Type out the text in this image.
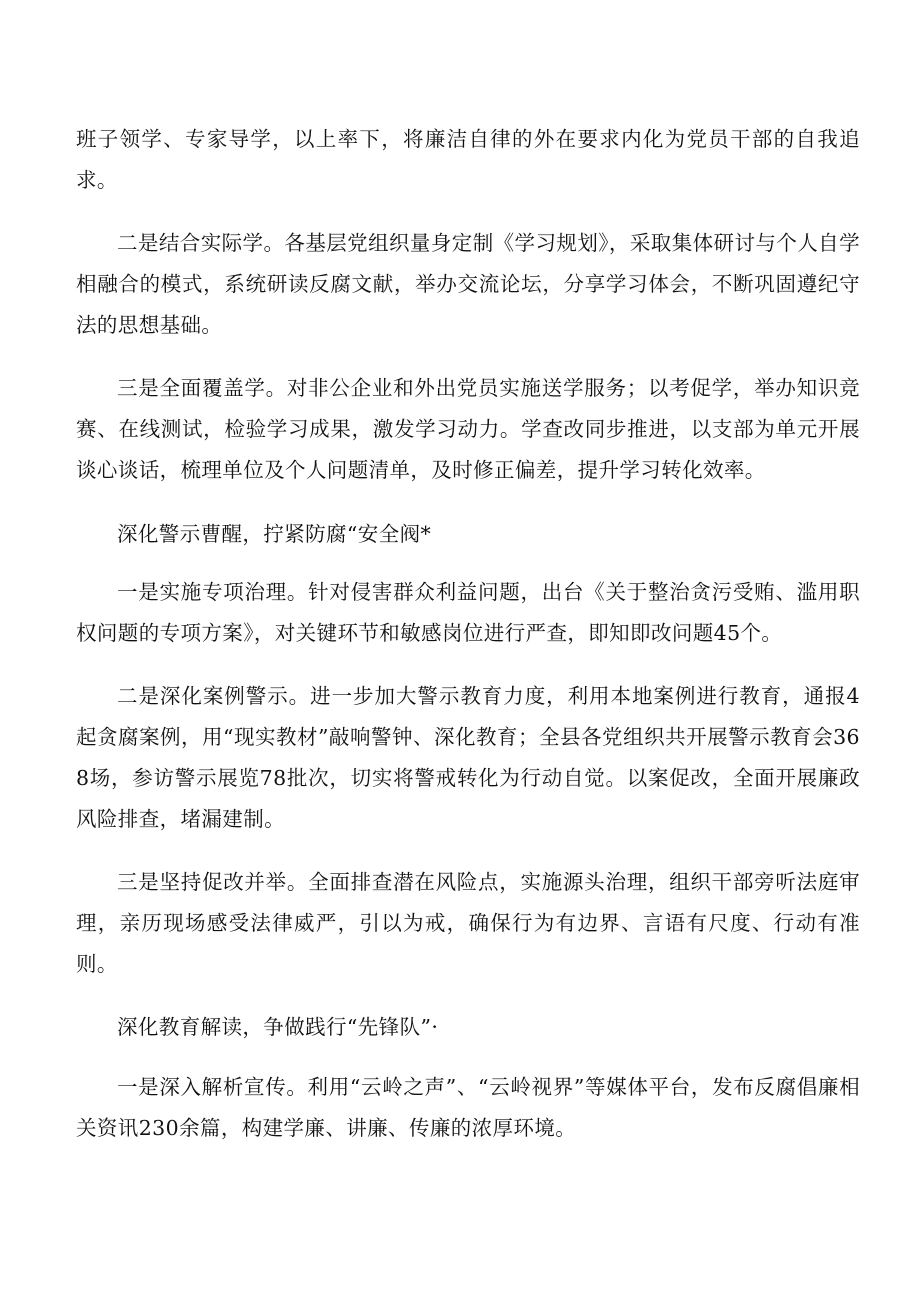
班子领学、专家导学，以上率下，将廉洁自律的外在要求内化为党员干部的自我追求。

二是结合实际学。各基层党组织量身定制《学习规划》，采取集体研讨与个人自学相融合的模式，系统研读反腐文献，举办交流论坛，分享学习体会，不断巩固遵纪守法的思想基础。

三是全面覆盖学。对非公企业和外出党员实施送学服务；以考促学，举办知识竞赛、在线测试，检验学习成果，激发学习动力。学查改同步推进，以支部为单元开展谈心谈话，梳理单位及个人问题清单，及时修正偏差，提升学习转化效率。

深化警示曹醒，拧紧防腐“安全阀*

一是实施专项治理。针对侵害群众利益问题，出台《关于整治贪污受贿、滥用职权问题的专项方案》，对关键环节和敏感岗位进行严查，即知即改问题45个。

二是深化案例警示。进一步加大警示教育力度，利用本地案例进行教育，通报4起贪腐案例，用“现实教材”敲响警钟、深化教育；全县各党组织共开展警示教育会368场，参访警示展览78批次，切实将警戒转化为行动自觉。以案促改，全面开展廉政风险排查，堵漏建制。

三是坚持促改并举。全面排查潜在风险点，实施源头治理，组织干部旁听法庭审理，亲历现场感受法律威严，引以为戒，确保行为有边界、言语有尺度、行动有准则。

深化教育解读，争做践行“先锋队”·

一是深入解析宣传。利用“云岭之声”、“云岭视界”等媒体平台，发布反腐倡廉相关资讯230余篇，构建学廉、讲廉、传廉的浓厚环境。
